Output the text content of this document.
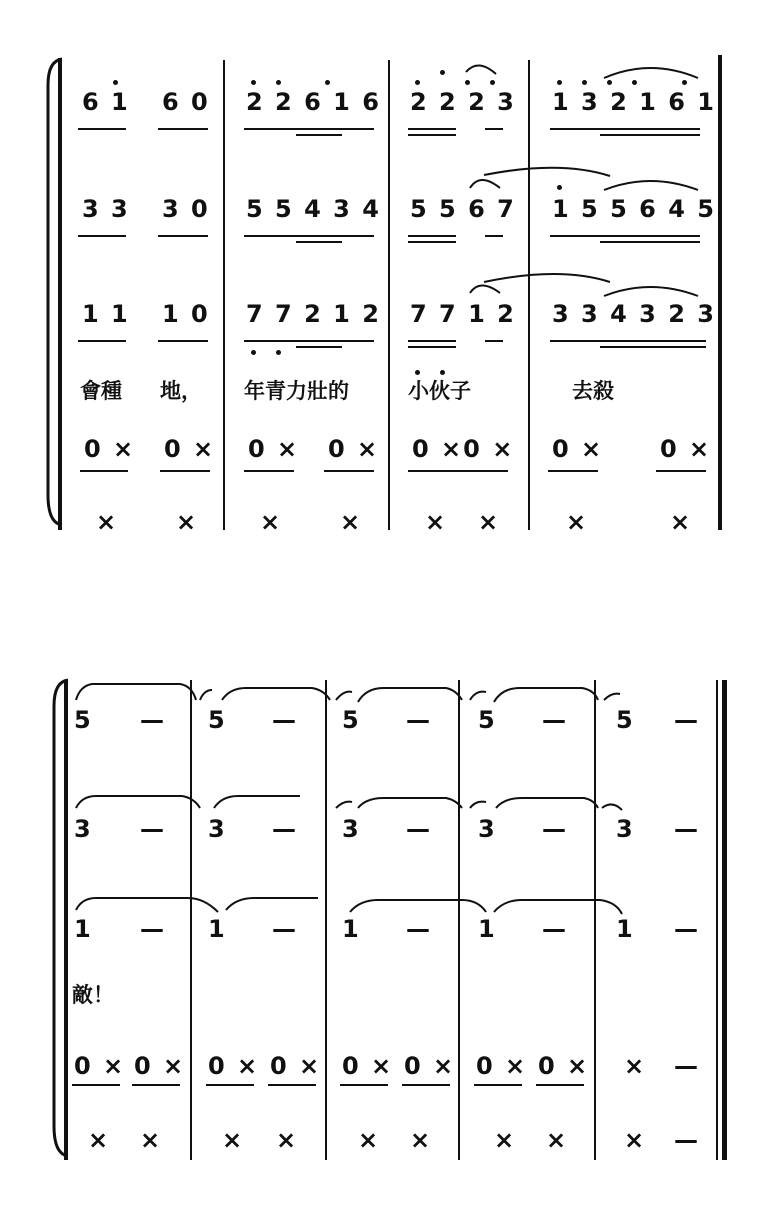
6 1 6 0 2 2 6 1 6 2 2 2 3 1 3 2 1 6 1
3 3 3 0 5 5 4 3 4 5 5 6 7 1 5 5 6 4 5
1 1 1 0 7 7 2 1 2 7 7 1 2 3 3 4 3 2 3
會種 地， 年青力壯的	小伙子	去殺
0 × 0 × 0 × 0 × 0 ×0 × 0 × 0 ×
× ×	× ×	× ×	×	×
5 — 5 — 5 — 5 — 5 —
3 — 3 — 3 — 3 — 3 —
1 — 1 — 1 — 1 — 1 —
敵！
0 × 0 × 0 × 0 × 0 × 0 × 0 × 0 × × —
× × × × × ×	× × × —
